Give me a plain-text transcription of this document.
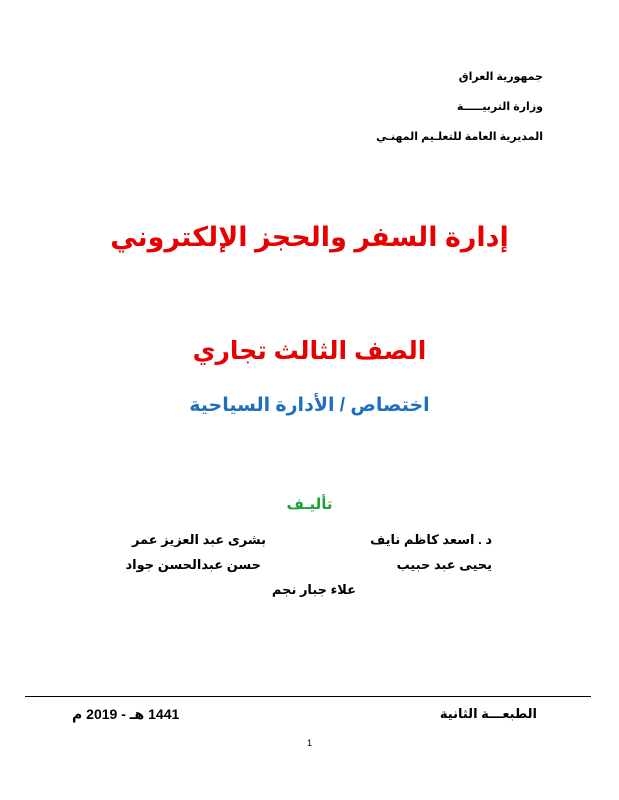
جمهورية العراق
وزارة التربيـــــة
المديرية العامة للتعلـيم المهنـي
إدارة السفر والحجز الإلكتروني
الصف الثالث تجاري
اختصاص / الأدارة السياحية
تأليـف
د . اسعد كاظم نايف
بشرى عبد العزيز عمر
يحيى عبد حبيب
حسن عبدالحسن جواد
علاء جبار نجم
الطبعـــة الثانية
1441 هـ - 2019 م
1
